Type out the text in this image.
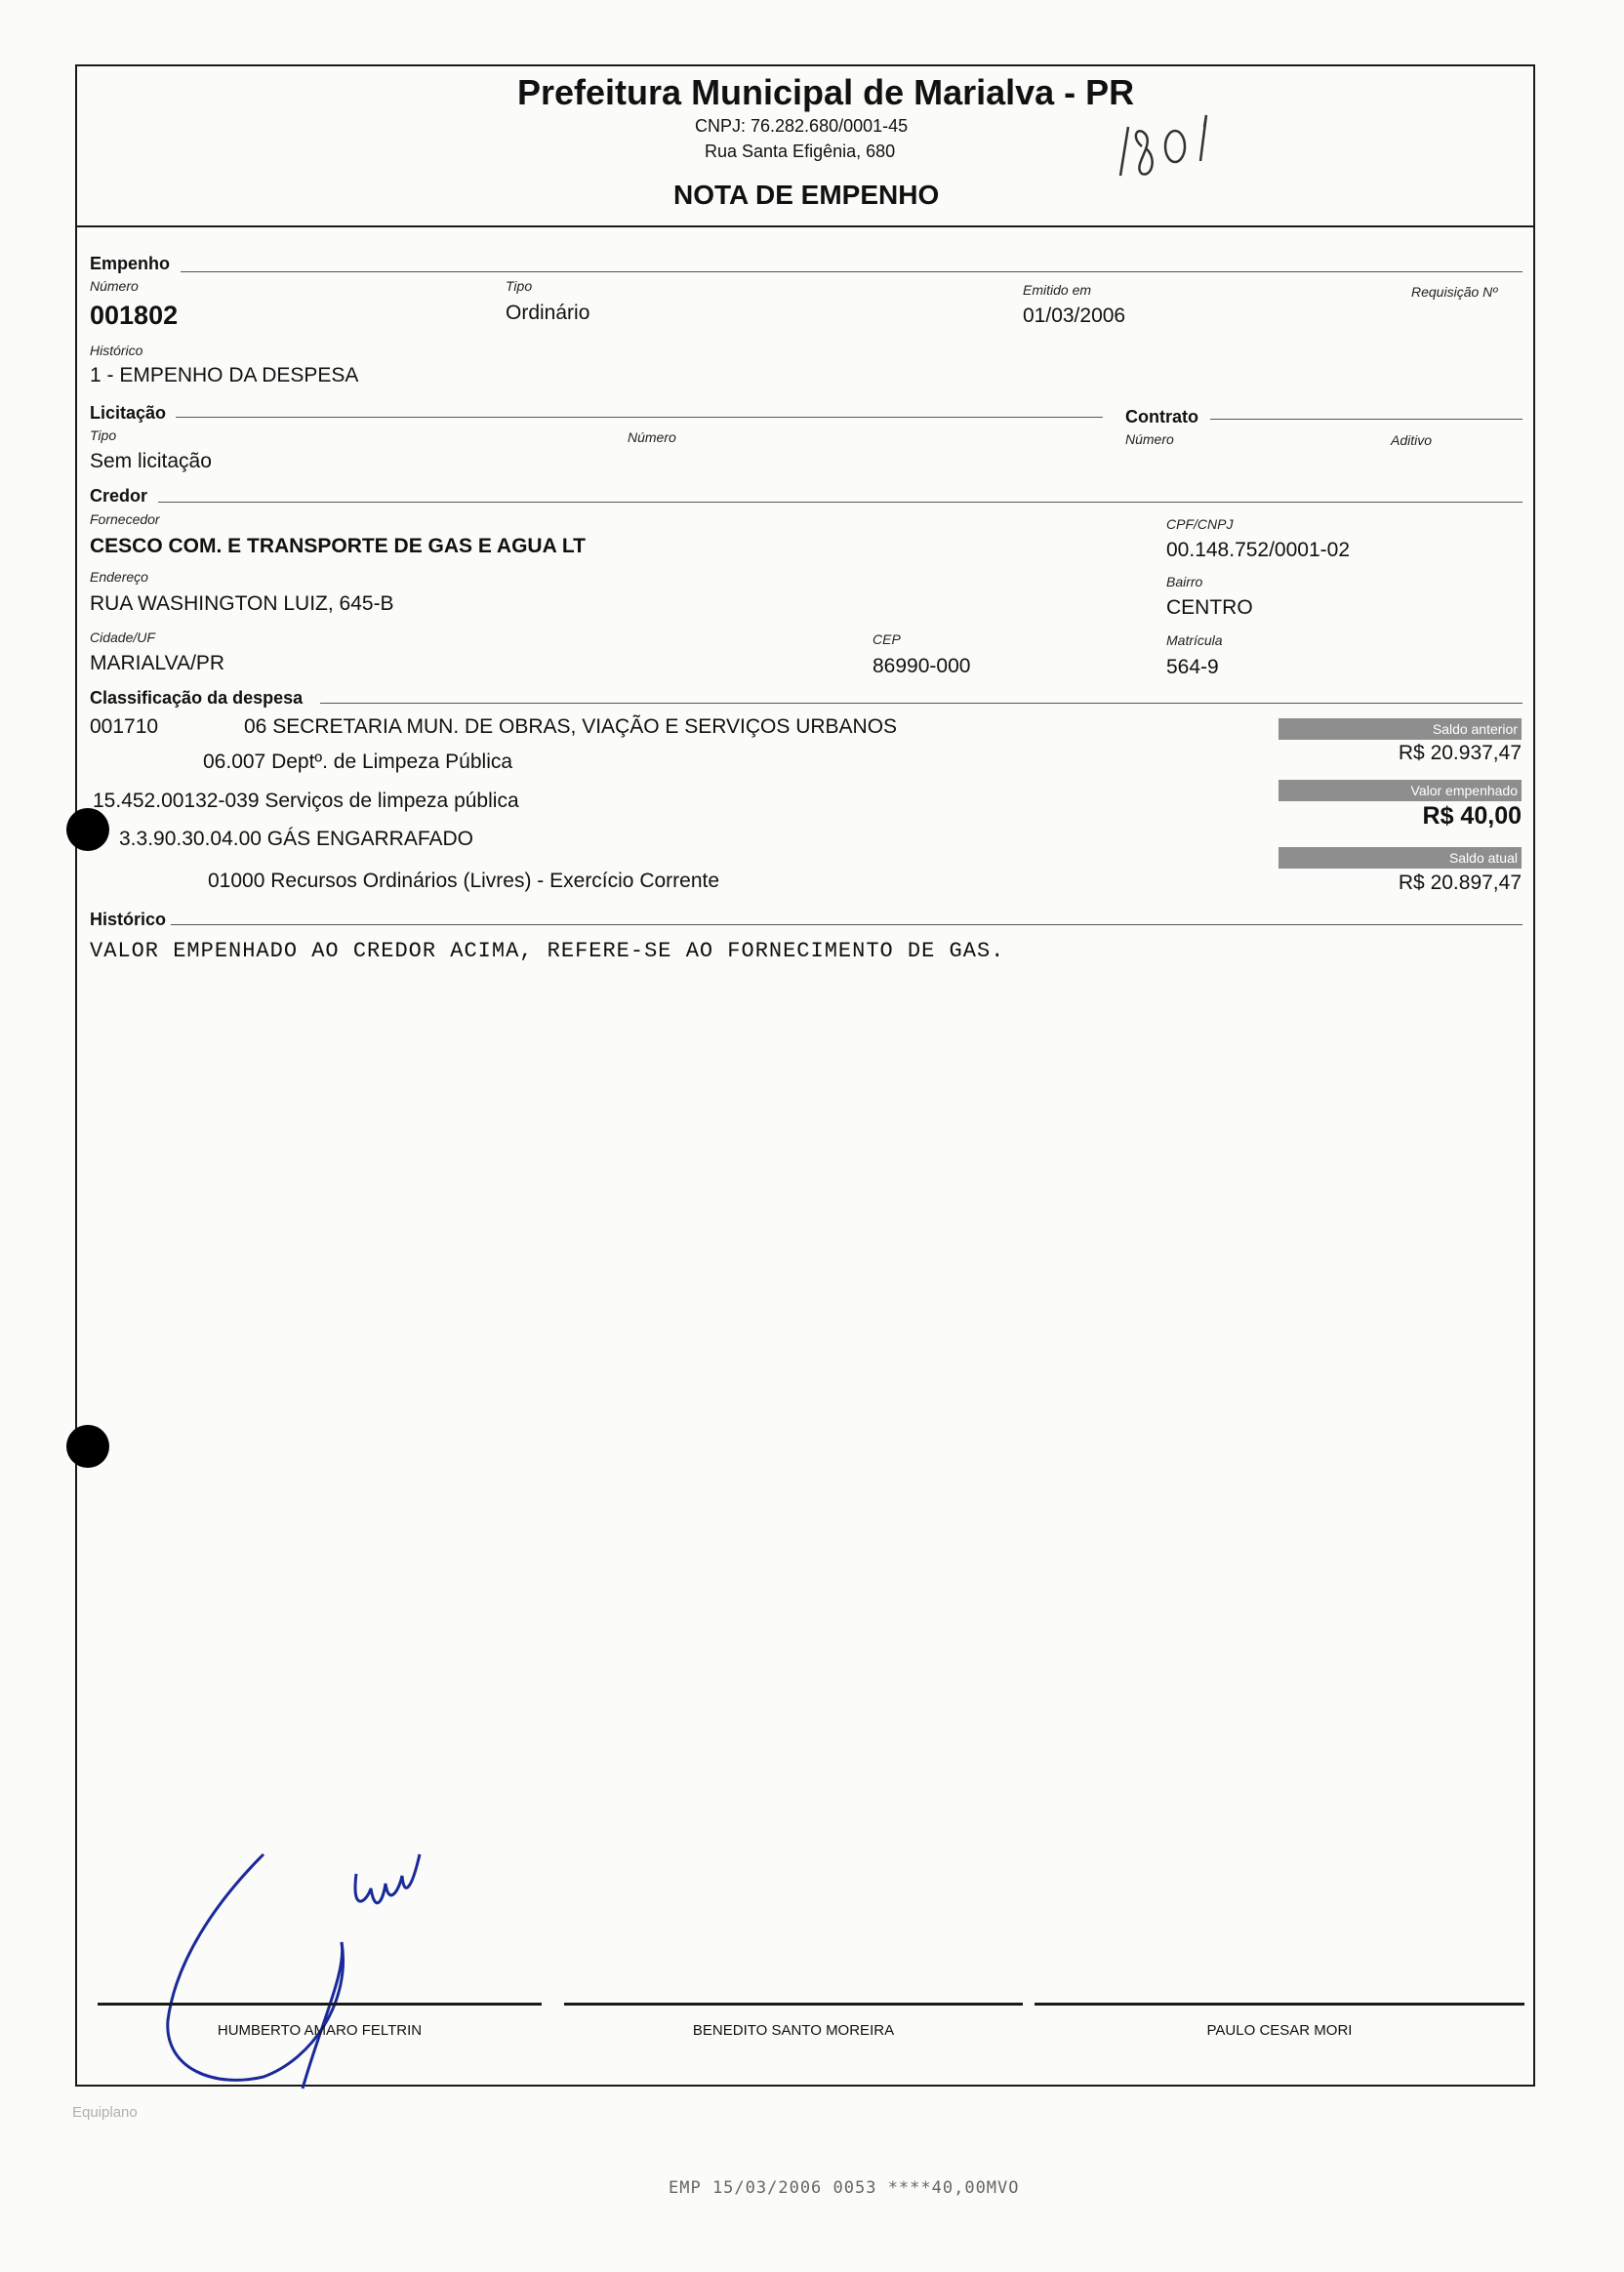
Prefeitura Municipal de Marialva - PR
CNPJ: 76.282.680/0001-45
Rua Santa Efigênia, 680
NOTA DE EMPENHO
Empenho
Número
001802
Tipo
Ordinário
Emitido em
01/03/2006
Requisição Nº
Histórico
1 - EMPENHO DA DESPESA
Licitação
Tipo
Sem licitação
Número
Contrato
Número	Aditivo
Credor
Fornecedor
CESCO COM. E TRANSPORTE DE GAS E AGUA LT
CPF/CNPJ
00.148.752/0001-02
Endereço
RUA WASHINGTON LUIZ, 645-B
Bairro
CENTRO
Cidade/UF
MARIALVA/PR
CEP
86990-000
Matrícula
564-9
Classificação da despesa
001710	06 SECRETARIA MUN. DE OBRAS, VIAÇÃO E SERVIÇOS URBANOS
06.007 Deptº. de Limpeza Pública
15.452.00132-039 Serviços de limpeza pública
3.3.90.30.04.00 GÁS ENGARRAFADO
01000 Recursos Ordinários (Livres) - Exercício Corrente
Saldo anterior
R$ 20.937,47
Valor empenhado
R$ 40,00
Saldo atual
R$ 20.897,47
Histórico
VALOR EMPENHADO AO CREDOR ACIMA, REFERE-SE AO FORNECIMENTO DE GAS.
HUMBERTO AMARO FELTRIN	BENEDITO SANTO MOREIRA	PAULO CESAR MORI
Equiplano
EMP 15/03/2006 0053 ****40,00MVO
